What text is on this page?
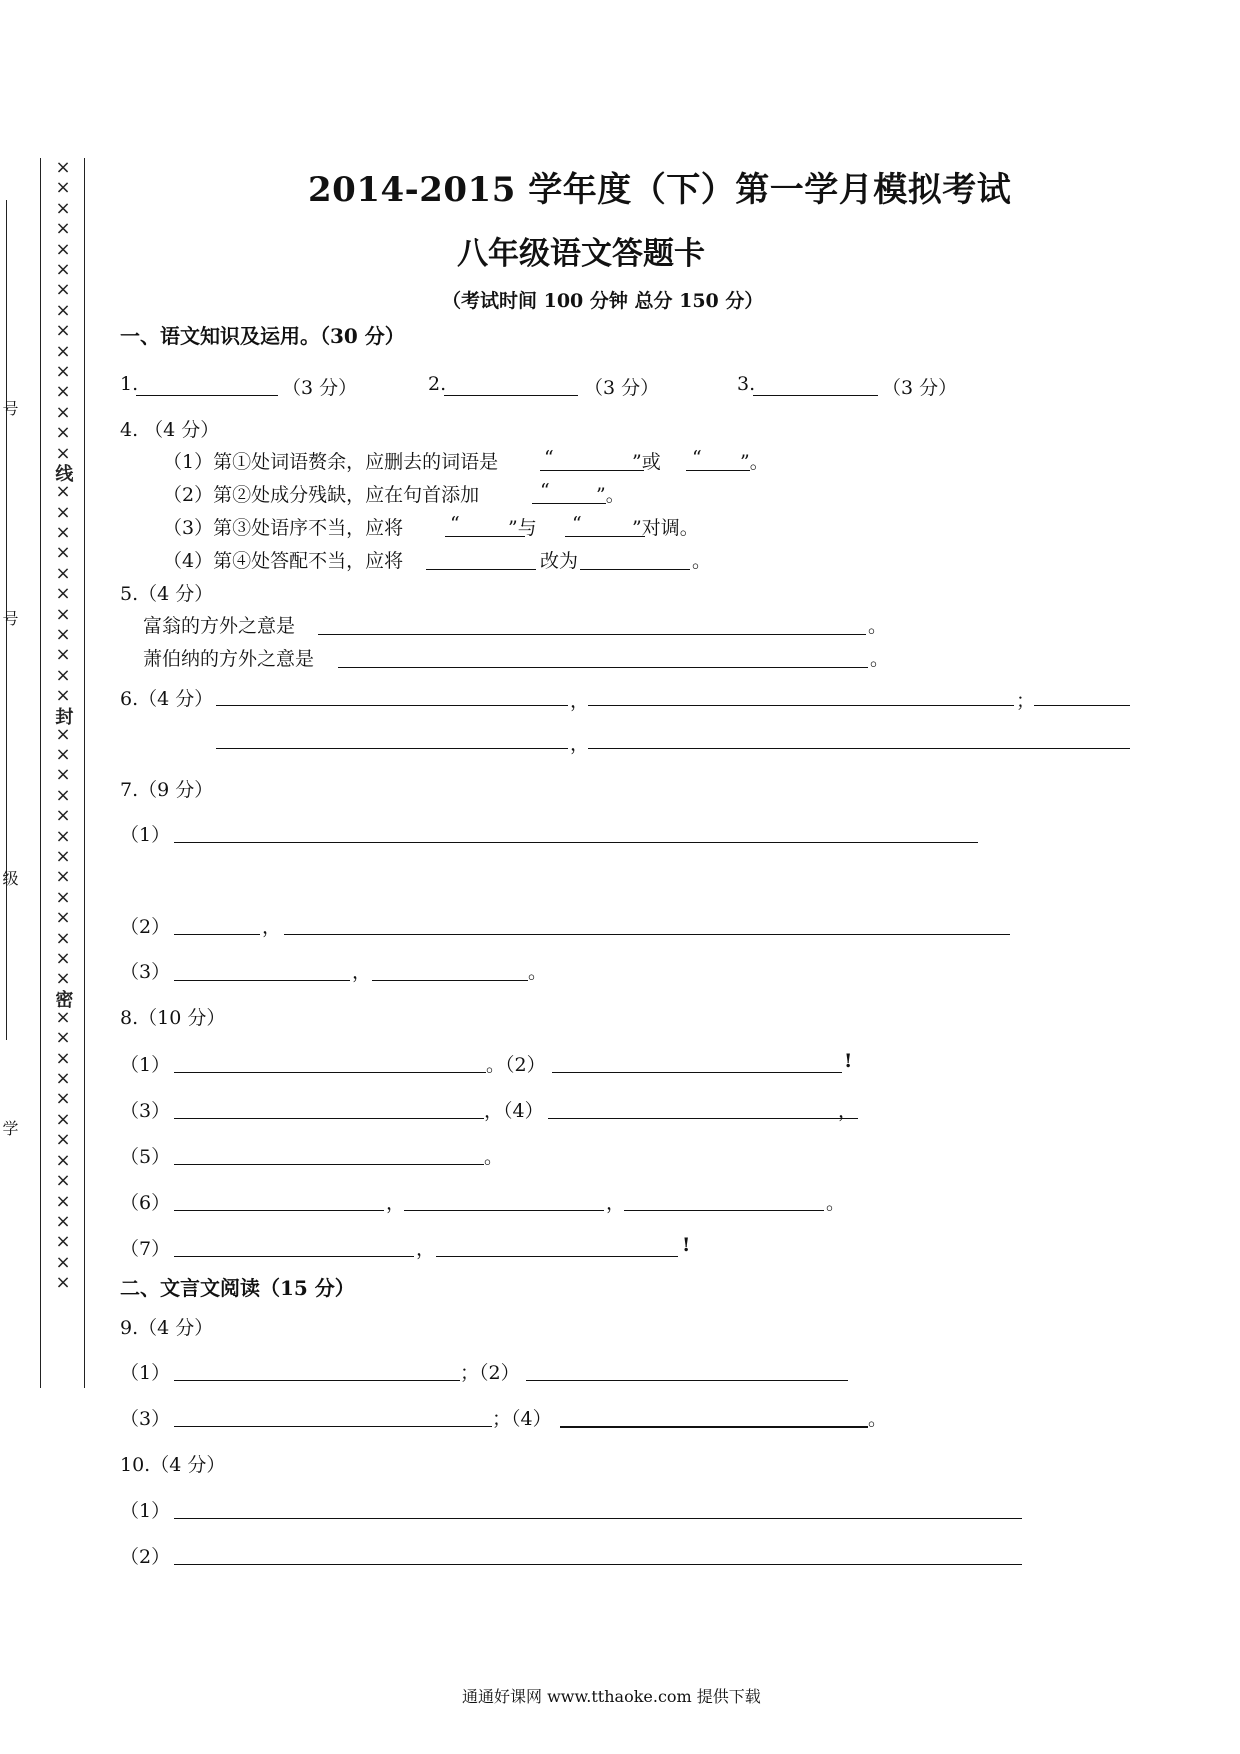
×
×
×
×
×
×
×
×
×
×
×
×
×
×
×
线
×
×
×
×
×
×
×
×
×
×
×
封
×
×
×
×
×
×
×
×
×
×
×
×
×
密
×
×
×
×
×
×
×
×
×
×
×
×
×
×
号
号
级
学
2014-2015 学年度（下）第一学月模拟考试
八年级语文答题卡
（考试时间 100 分钟 总分 150 分）
一、语文知识及运用。（30 分）
1.	（3 分）	2.	（3 分）	3.	（3 分）
4. （4 分）
（1）第①处词语赘余，应删去的词语是 “	”或 “ ”。
（2）第②处成分残缺，应在句首添加	“ ”。
（3）第③处语序不当，应将 “	”与 “	”对调。
（4）第④处答配不当，应将	改为	。
5.（4 分）
富翁的方外之意是	。
萧伯纳的方外之意是	。
6.（4 分）	，	；
，
7.（9 分）
（1）
（2）	，
（3）	，	。
8.（10 分）
（1）	。（2）	!
（3）	，（4）	，
（5）	。
（6）	，	，	。
（7）	，	!
二、文言文阅读（15 分）
9.（4 分）
（1）	；（2）
（3）	；（4）	。
10.（4 分）
（1）
（2）
通通好课网 www.tthaoke.com 提供下载
